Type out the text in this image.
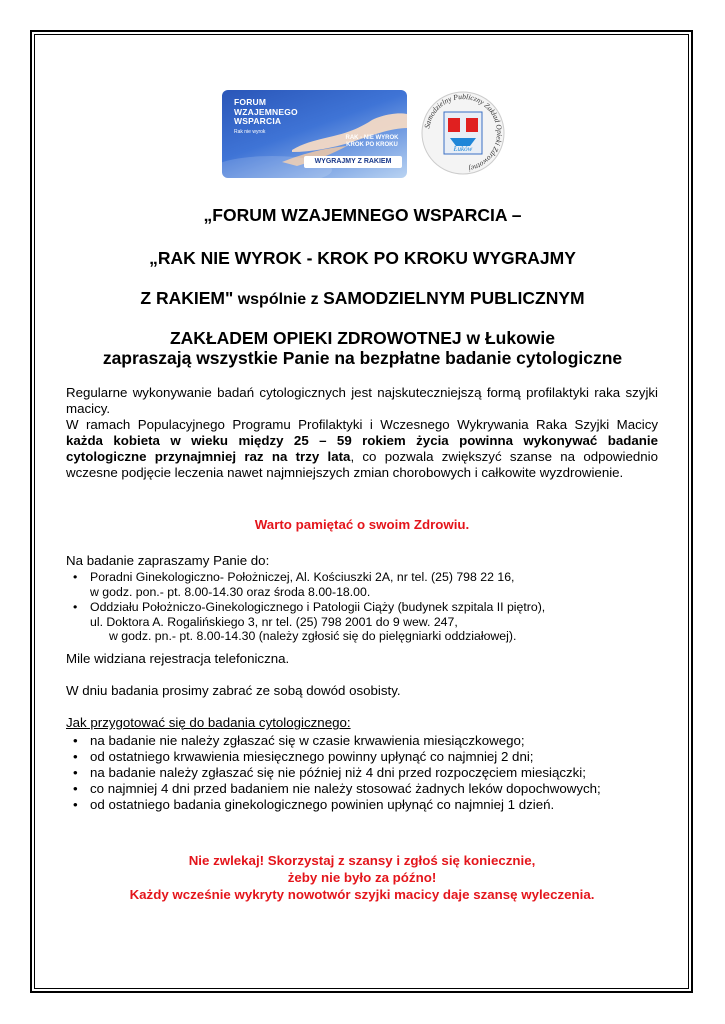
FORUM
WZAJEMNEGO
WSPARCIA
Rak nie wyrok
RAK - NIE WYROK KROK PO KROKU
WYGRAJMY Z RAKIEM
Samodzielny Publiczny Zakład Opieki Zdrowotnej
Łuków
„FORUM WZAJEMNEGO WSPARCIA –
„RAK NIE WYROK - KROK PO KROKU WYGRAJMY
Z RAKIEM" wspólnie z SAMODZIELNYM PUBLICZNYM
ZAKŁADEM OPIEKI ZDROWOTNEJ w Łukowie
zapraszają wszystkie Panie na bezpłatne badanie cytologiczne
Regularne wykonywanie badań cytologicznych jest najskuteczniejszą formą profilaktyki raka szyjki macicy.
W ramach Populacyjnego Programu Profilaktyki i Wczesnego Wykrywania Raka Szyjki Macicy każda kobieta w wieku między 25 – 59 rokiem życia powinna wykonywać badanie cytologiczne przynajmniej raz na trzy lata, co pozwala zwiększyć szanse na odpowiednio wczesne podjęcie leczenia nawet najmniejszych zmian chorobowych i całkowite wyzdrowienie.
Warto pamiętać o swoim Zdrowiu.
Na badanie zapraszamy Panie do:
• Poradni Ginekologiczno- Położniczej, Al. Kościuszki 2A, nr tel. (25) 798 22 16,
w godz. pon.- pt. 8.00-14.30 oraz środa 8.00-18.00.
• Oddziału Położniczo-Ginekologicznego i Patologii Ciąży (budynek szpitala II piętro),
ul. Doktora A. Rogalińskiego 3, nr tel. (25) 798 2001 do 9 wew. 247,
w godz. pn.- pt. 8.00-14.30 (należy zgłosić się do pielęgniarki oddziałowej).
Mile widziana rejestracja telefoniczna.
W dniu badania prosimy zabrać ze sobą dowód osobisty.
Jak przygotować się do badania cytologicznego:
• na badanie nie należy zgłaszać się w czasie krwawienia miesiączkowego;
• od ostatniego krwawienia miesięcznego powinny upłynąć co najmniej 2 dni;
• na badanie należy zgłaszać się nie później niż 4 dni przed rozpoczęciem miesiączki;
• co najmniej 4 dni przed badaniem nie należy stosować żadnych leków dopochwowych;
• od ostatniego badania ginekologicznego powinien upłynąć co najmniej 1 dzień.
Nie zwlekaj! Skorzystaj z szansy i zgłoś się koniecznie,
żeby nie było za późno!
Każdy wcześnie wykryty nowotwór szyjki macicy daje szansę wyleczenia.
